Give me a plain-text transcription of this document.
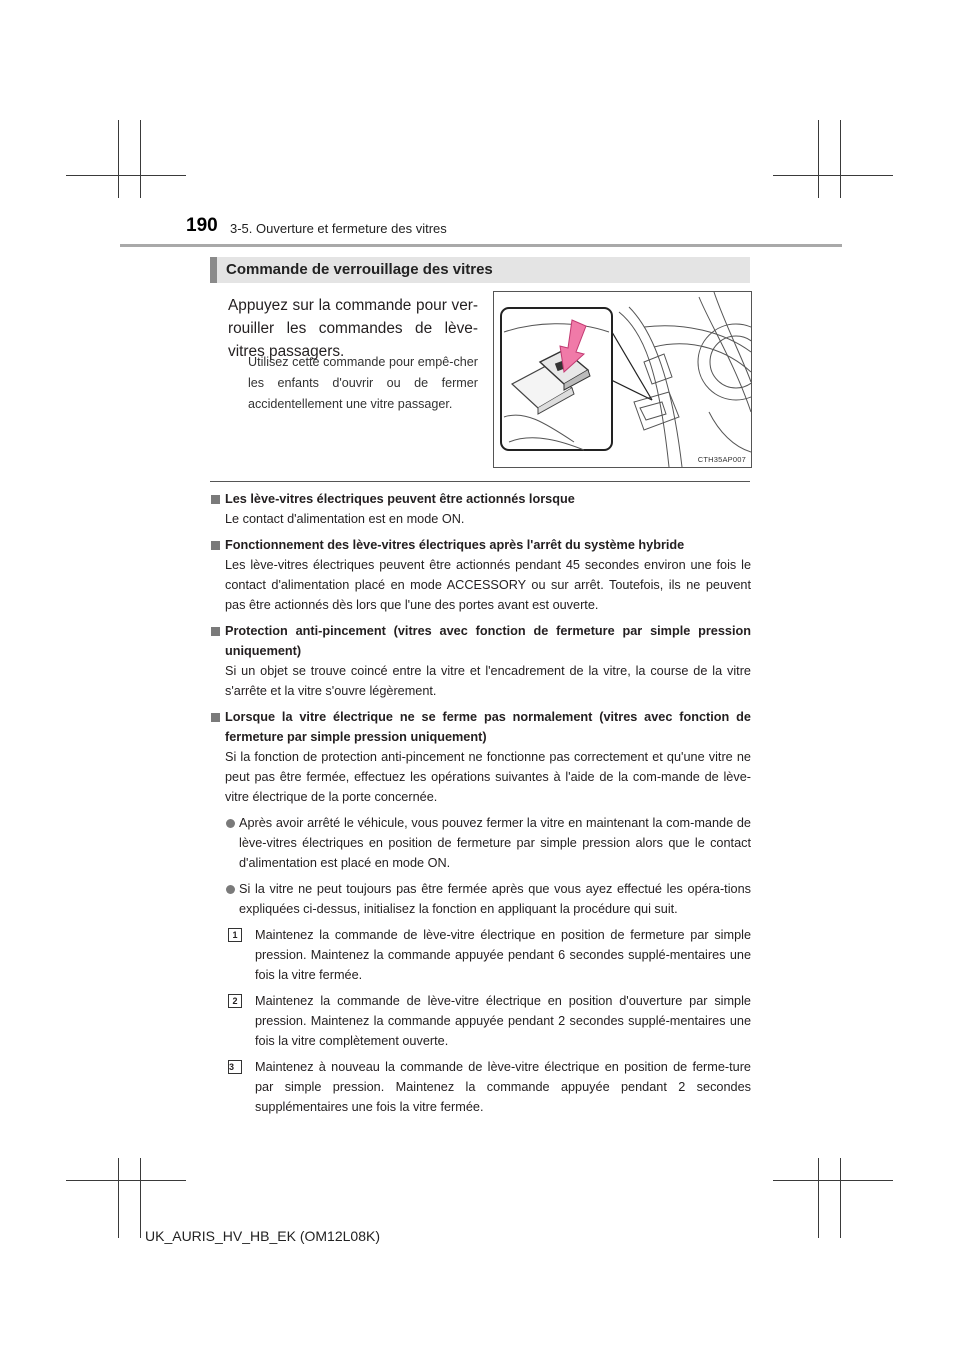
190 3-5. Ouverture et fermeture des vitres
Commande de verrouillage des vitres
Appuyez sur la commande pour ver-rouiller les commandes de lève-vitres passagers.
Utilisez cette commande pour empê-cher les enfants d'ouvrir ou de fermer accidentellement une vitre passager.
CTH35AP007
Les lève-vitres électriques peuvent être actionnés lorsque
Le contact d'alimentation est en mode ON.
Fonctionnement des lève-vitres électriques après l'arrêt du système hybride
Les lève-vitres électriques peuvent être actionnés pendant 45 secondes environ une fois le contact d'alimentation placé en mode ACCESSORY ou sur arrêt. Toutefois, ils ne peuvent pas être actionnés dès lors que l'une des portes avant est ouverte.
Protection anti-pincement (vitres avec fonction de fermeture par simple pression uniquement)
Si un objet se trouve coincé entre la vitre et l'encadrement de la vitre, la course de la vitre s'arrête et la vitre s'ouvre légèrement.
Lorsque la vitre électrique ne se ferme pas normalement (vitres avec fonction de fermeture par simple pression uniquement)
Si la fonction de protection anti-pincement ne fonctionne pas correctement et qu'une vitre ne peut pas être fermée, effectuez les opérations suivantes à l'aide de la com-mande de lève-vitre électrique de la porte concernée.
Après avoir arrêté le véhicule, vous pouvez fermer la vitre en maintenant la com-mande de lève-vitres électriques en position de fermeture par simple pression alors que le contact d'alimentation est placé en mode ON.
Si la vitre ne peut toujours pas être fermée après que vous ayez effectué les opéra-tions expliquées ci-dessus, initialisez la fonction en appliquant la procédure qui suit.
1	Maintenez la commande de lève-vitre électrique en position de fermeture par simple pression. Maintenez la commande appuyée pendant 6 secondes supplé-mentaires une fois la vitre fermée.
2	Maintenez la commande de lève-vitre électrique en position d'ouverture par simple pression. Maintenez la commande appuyée pendant 2 secondes supplé-mentaires une fois la vitre complètement ouverte.
3	Maintenez à nouveau la commande de lève-vitre électrique en position de ferme-ture par simple pression. Maintenez la commande appuyée pendant 2 secondes supplémentaires une fois la vitre fermée.
UK_AURIS_HV_HB_EK (OM12L08K)
